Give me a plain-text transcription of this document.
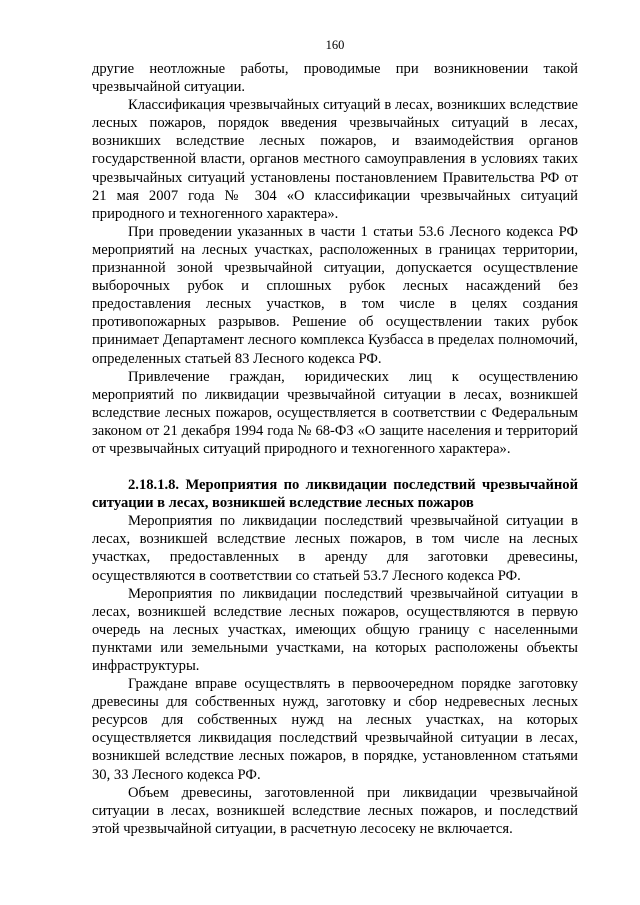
160

другие неотложные работы, проводимые при возникновении такой чрезвычайной ситуации.

Классификация чрезвычайных ситуаций в лесах, возникших вследствие лесных пожаров, порядок введения чрезвычайных ситуаций в лесах, возникших вследствие лесных пожаров, и взаимодействия органов государственной власти, органов местного самоуправления в условиях таких чрезвычайных ситуаций установлены постановлением Правительства РФ от 21 мая 2007 года № 304 «О классификации чрезвычайных ситуаций природного и техногенного характера».

При проведении указанных в части 1 статьи 53.6 Лесного кодекса РФ мероприятий на лесных участках, расположенных в границах территории, признанной зоной чрезвычайной ситуации, допускается осуществление выборочных рубок и сплошных рубок лесных насаждений без предоставления лесных участков, в том числе в целях создания противопожарных разрывов. Решение об осуществлении таких рубок принимает Департамент лесного комплекса Кузбасса в пределах полномочий, определенных статьей 83 Лесного кодекса РФ.

Привлечение граждан, юридических лиц к осуществлению мероприятий по ликвидации чрезвычайной ситуации в лесах, возникшей вследствие лесных пожаров, осуществляется в соответствии с Федеральным законом от 21 декабря 1994 года № 68-ФЗ «О защите населения и территорий от чрезвычайных ситуаций природного и техногенного характера».

2.18.1.8. Мероприятия по ликвидации последствий чрезвычайной ситуации в лесах, возникшей вследствие лесных пожаров

Мероприятия по ликвидации последствий чрезвычайной ситуации в лесах, возникшей вследствие лесных пожаров, в том числе на лесных участках, предоставленных в аренду для заготовки древесины, осуществляются в соответствии со статьей 53.7 Лесного кодекса РФ.

Мероприятия по ликвидации последствий чрезвычайной ситуации в лесах, возникшей вследствие лесных пожаров, осуществляются в первую очередь на лесных участках, имеющих общую границу с населенными пунктами или земельными участками, на которых расположены объекты инфраструктуры.

Граждане вправе осуществлять в первоочередном порядке заготовку древесины для собственных нужд, заготовку и сбор недревесных лесных ресурсов для собственных нужд на лесных участках, на которых осуществляется ликвидация последствий чрезвычайной ситуации в лесах, возникшей вследствие лесных пожаров, в порядке, установленном статьями 30, 33 Лесного кодекса РФ.

Объем древесины, заготовленной при ликвидации чрезвычайной ситуации в лесах, возникшей вследствие лесных пожаров, и последствий этой чрезвычайной ситуации, в расчетную лесосеку не включается.
